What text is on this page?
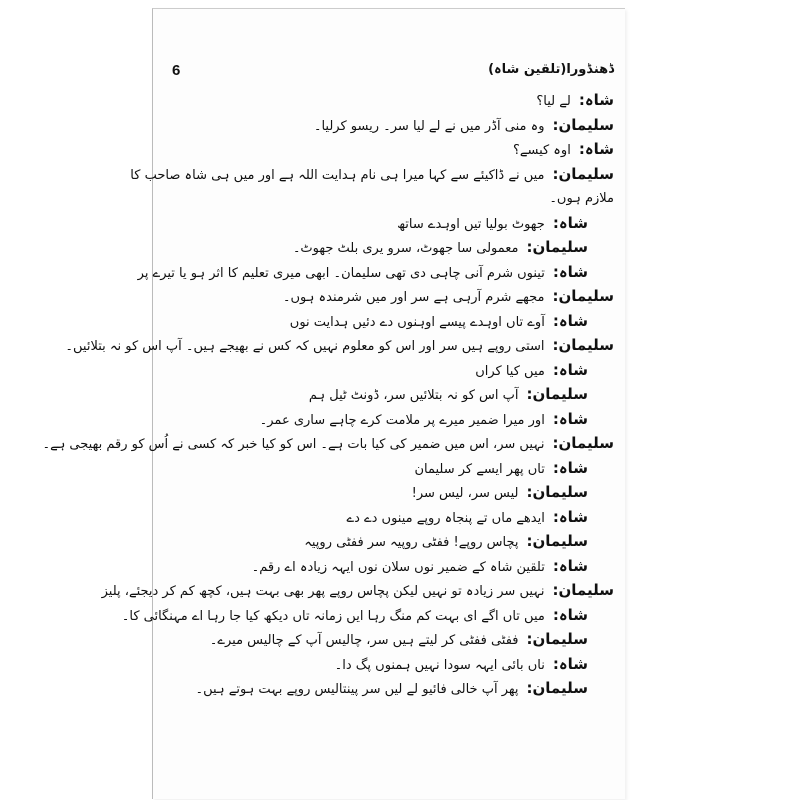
6	ڈھنڈورا(تلقین شاہ)
شاہ:لے لیا؟
سلیمان:وہ منی آڈر میں نے لے لیا سر۔ ریسو کرلیا۔
شاہ:اوہ کیسے؟
سلیمان:میں نے ڈاکیئے سے کہا میرا ہی نام ہدایت اللہ ہے اور میں ہی شاہ صاحب کا
ملازم ہوں۔
شاہ:جھوٹ بولیا تیں اوہدے ساتھ
سلیمان:معمولی سا جھوٹ، سرو یری بلٹ جھوٹ۔
شاہ:تینوں شرم آنی چاہی دی تھی سلیمان۔ ابھی میری تعلیم کا اثر ہو یا تیرے پر
سلیمان:مجھے شرم آرہی ہے سر اور میں شرمندہ ہوں۔
شاہ:آوے تاں اوہدے پیسے اوہنوں دے دئیں ہدایت نوں
سلیمان:استی روپے ہیں سر اور اس کو معلوم نہیں کہ کس نے بھیجے ہیں۔ آپ اس کو نہ بتلائیں۔
شاہ:میں کیا کراں
سلیمان:آپ اس کو نہ بتلائیں سر، ڈونٹ ٹیل ہم
شاہ:اور میرا ضمیر میرے پر ملامت کرے چاہے ساری عمر۔
سلیمان:نہیں سر، اس میں ضمیر کی کیا بات ہے۔ اس کو کیا خبر کہ کسی نے اُس کو رقم بھیجی ہے۔
شاہ:تاں پھر ایسے کر سلیمان
سلیمان:لیس سر، لیس سر!
شاہ:ایدھے ماں تے پنجاہ روپے مینوں دے دے
سلیمان:پچاس روپے! ففٹی روپیہ سر ففٹی روپیہ
شاہ:تلقین شاہ کے ضمیر نوں سلان نوں ایہہ زیادہ اے رقم۔
سلیمان:نہیں سر زیادہ تو نہیں لیکن پچاس روپے پھر بھی بہت ہیں، کچھ کم کر دیجئے، پلیز
شاہ:میں تاں اگے ای بہت کم منگ رہا ایں زمانہ تاں دیکھ کیا جا رہا اے مہنگائی کا۔
سلیمان:ففٹی ففٹی کر لیتے ہیں سر، چالیس آپ کے چالیس میرے۔
شاہ:ناں بائی ایہہ سودا نہیں ہمنوں پگ دا۔
سلیمان:پھر آپ خالی فائیو لے لیں سر پینتالیس روپے بہت ہوتے ہیں۔
